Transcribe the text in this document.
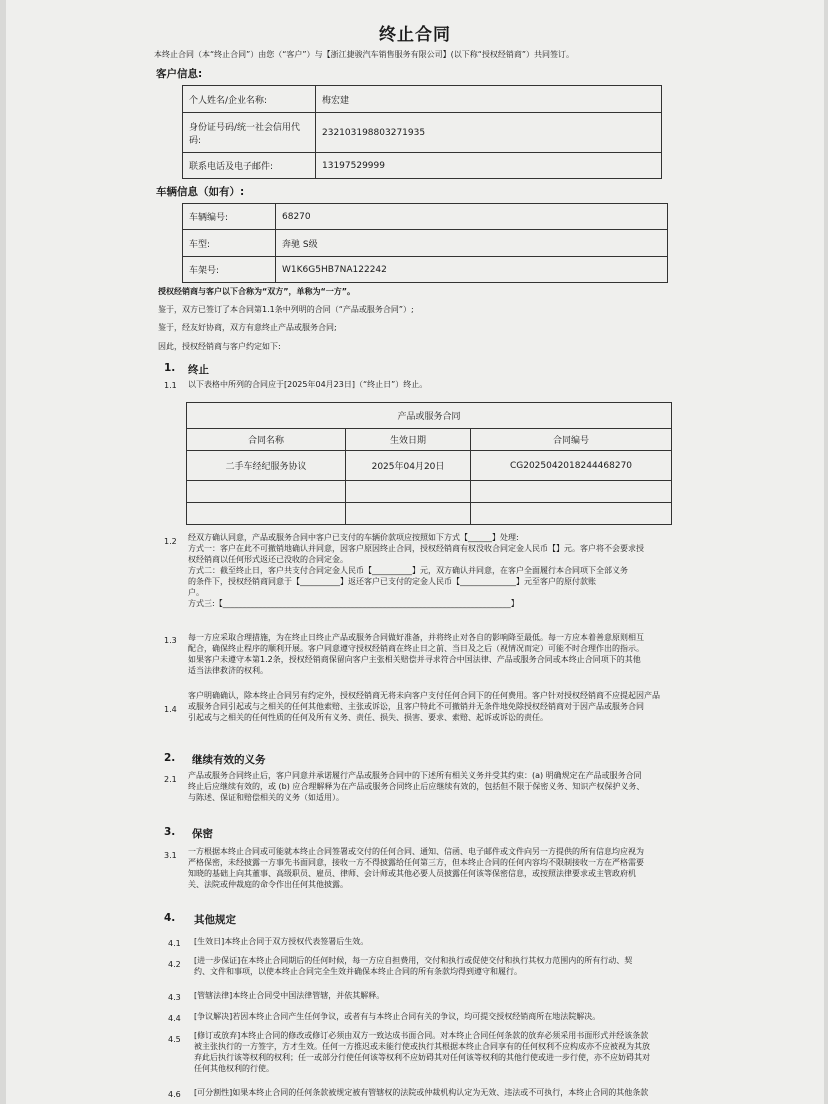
终止合同
本终止合同（本“终止合同”）由您（“客户”）与【浙江捷骏汽车销售服务有限公司】(以下称“授权经销商”）共同签订。
客户信息:
个人姓名/企业名称:	梅宏建
身份证号码/统一社会信用代码:	232103198803271935
联系电话及电子邮件:	13197529999
车辆信息（如有）:
车辆编号:	68270
车型:	奔驰 S级
车架号:	W1K6G5HB7NA122242
授权经销商与客户以下合称为“双方”，单称为“一方”。
鉴于，双方已签订了本合同第1.1条中列明的合同（“产品或服务合同”）;
鉴于，经友好协商，双方有意终止产品或服务合同;
因此，授权经销商与客户约定如下:
1. 终止
1.1 以下表格中所列的合同应于[2025年04月23日]（“终止日”）终止。
产品或服务合同		
合同名称	生效日期	合同编号
二手车经纪服务协议	2025年04月20日	CG2025042018244468270

1.2 经双方确认同意，产品或服务合同中客户已支付的车辆价款项应按照如下方式【______】处理:
方式一：客户在此不可撤销地确认并同意，因客户原因终止合同，授权经销商有权没收合同定金人民币【】元。客户将不会要求授
权经销商以任何形式返还已没收的合同定金。
方式二：截至终止日，客户共支付合同定金人民币【__________】元，双方确认并同意，在客户全面履行本合同项下全部义务
的条件下，授权经销商同意于【__________】返还客户已支付的定金人民币【______________】元至客户的原付款账
户。
方式三:【________________________________________________________________________】
1.3 每一方应采取合理措施，为在终止日终止产品或服务合同做好准备，并将终止对各自的影响降至最低。每一方应本着善意原则相互
配合，确保终止程序的顺利开展。客户同意遵守授权经销商在终止日之前、当日及之后（视情况而定）可能不时合理作出的指示。
如果客户未遵守本第1.2条，授权经销商保留向客户主张相关赔偿并寻求符合中国法律、产品或服务合同或本终止合同项下的其他
适当法律救济的权利。
1.4
客户明确确认，除本终止合同另有约定外，授权经销商无将未向客户支付任何合同下的任何费用。客户针对授权经销商不应提起因产品
或服务合同引起或与之相关的任何其他索赔、主张或诉讼，且客户特此不可撤销并无条件地免除授权经销商对于因产品或服务合同
引起或与之相关的任何性质的任何及所有义务、责任、损失、损害、要求、索赔、起诉或诉讼的责任。
2. 继续有效的义务
2.1 产品或服务合同终止后，客户同意并承诺履行产品或服务合同中的下述所有相关义务并受其约束：(a) 明确规定在产品或服务合同
终止后应继续有效的，或 (b) 应合理解释为在产品或服务合同终止后应继续有效的，包括但不限于保密义务、知识产权保护义务、
与陈述、保证和赔偿相关的义务（如适用）。
3. 保密
3.1 一方根据本终止合同或可能就本终止合同签署或交付的任何合同、通知、信函、电子邮件或文件向另一方提供的所有信息均应视为
严格保密，未经披露一方事先书面同意，接收一方不得披露给任何第三方，但本终止合同的任何内容均不限制接收一方在严格需要
知晓的基础上向其董事、高级职员、雇员、律师、会计师或其他必要人员披露任何该等保密信息，或按照法律要求或主管政府机
关、法院或仲裁庭的命令作出任何其他披露。
4. 其他规定
4.1 [生效日]本终止合同于双方授权代表签署后生效。
4.2 [进一步保证]在本终止合同期后的任何时候，每一方应自担费用，交付和执行或促使交付和执行其权力范围内的所有行动、契
约、文件和事项，以使本终止合同完全生效并确保本终止合同的所有条款均得到遵守和履行。
4.3 [管辖法律]本终止合同受中国法律管辖，并依其解释。
4.4 [争议解决]若因本终止合同产生任何争议，或者有与本终止合同有关的争议，均可提交授权经销商所在地法院解决。
4.5 [修订或放弃]本终止合同的修改或修订必须由双方一致达成书面合同。对本终止合同任何条款的放弃必须采用书面形式并经该条款
被主张执行的一方签字，方才生效。任何一方推迟或未能行使或执行其根据本终止合同享有的任何权利不应构成亦不应被视为其放
弃此后执行该等权利的权利；任一或部分行使任何该等权利不应妨碍其对任何该等权利的其他行使或进一步行使，亦不应妨碍其对
任何其他权利的行使。
4.6 [可分割性]如果本终止合同的任何条款被规定被有管辖权的法院或仲裁机构认定为无效、违法或不可执行，本终止合同的其他条款
